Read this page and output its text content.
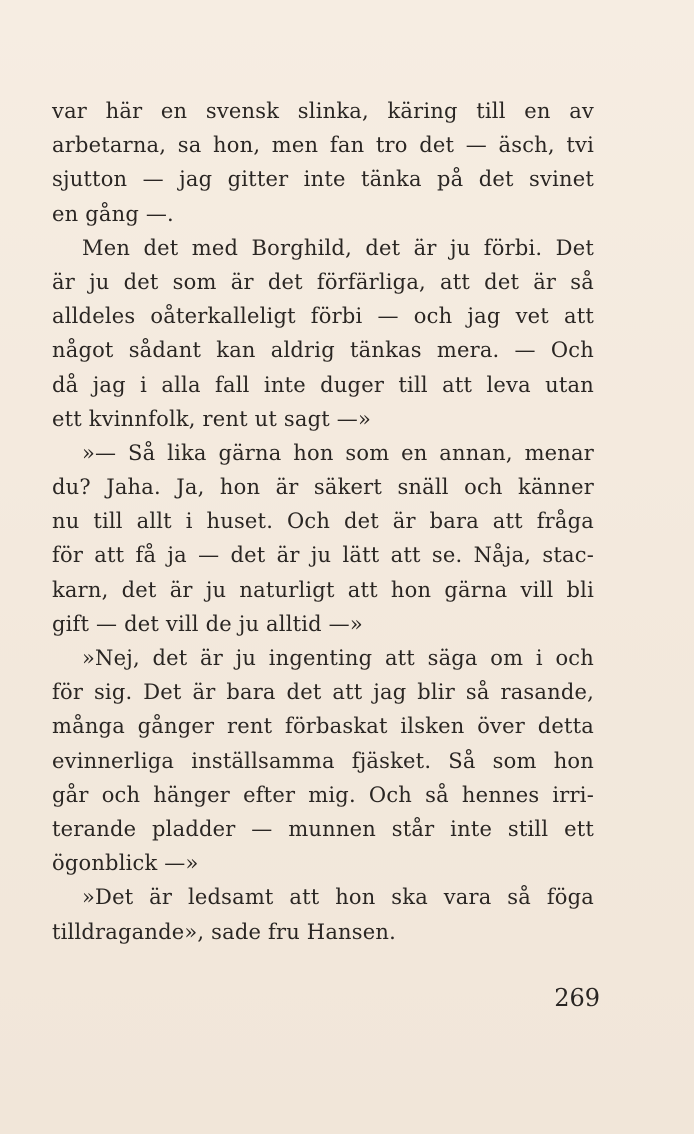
var här en svensk slinka, käring till en av
arbetarna, sa hon, men fan tro det — äsch, tvi
sjutton — jag gitter inte tänka på det svinet
en gång —.
Men det med Borghild, det är ju förbi. Det
är ju det som är det förfärliga, att det är så
alldeles oåterkalleligt förbi — och jag vet att
något sådant kan aldrig tänkas mera. — Och
då jag i alla fall inte duger till att leva utan
ett kvinnfolk, rent ut sagt —»
»— Så lika gärna hon som en annan, menar
du? Jaha. Ja, hon är säkert snäll och känner
nu till allt i huset. Och det är bara att fråga
för att få ja — det är ju lätt att se. Nåja, stac-
karn, det är ju naturligt att hon gärna vill bli
gift — det vill de ju alltid —»
»Nej, det är ju ingenting att säga om i och
för sig. Det är bara det att jag blir så rasande,
många gånger rent förbaskat ilsken över detta
evinnerliga inställsamma fjäsket. Så som hon
går och hänger efter mig. Och så hennes irri-
terande pladder — munnen står inte still ett
ögonblick —»
»Det är ledsamt att hon ska vara så föga
tilldragande», sade fru Hansen.
269
